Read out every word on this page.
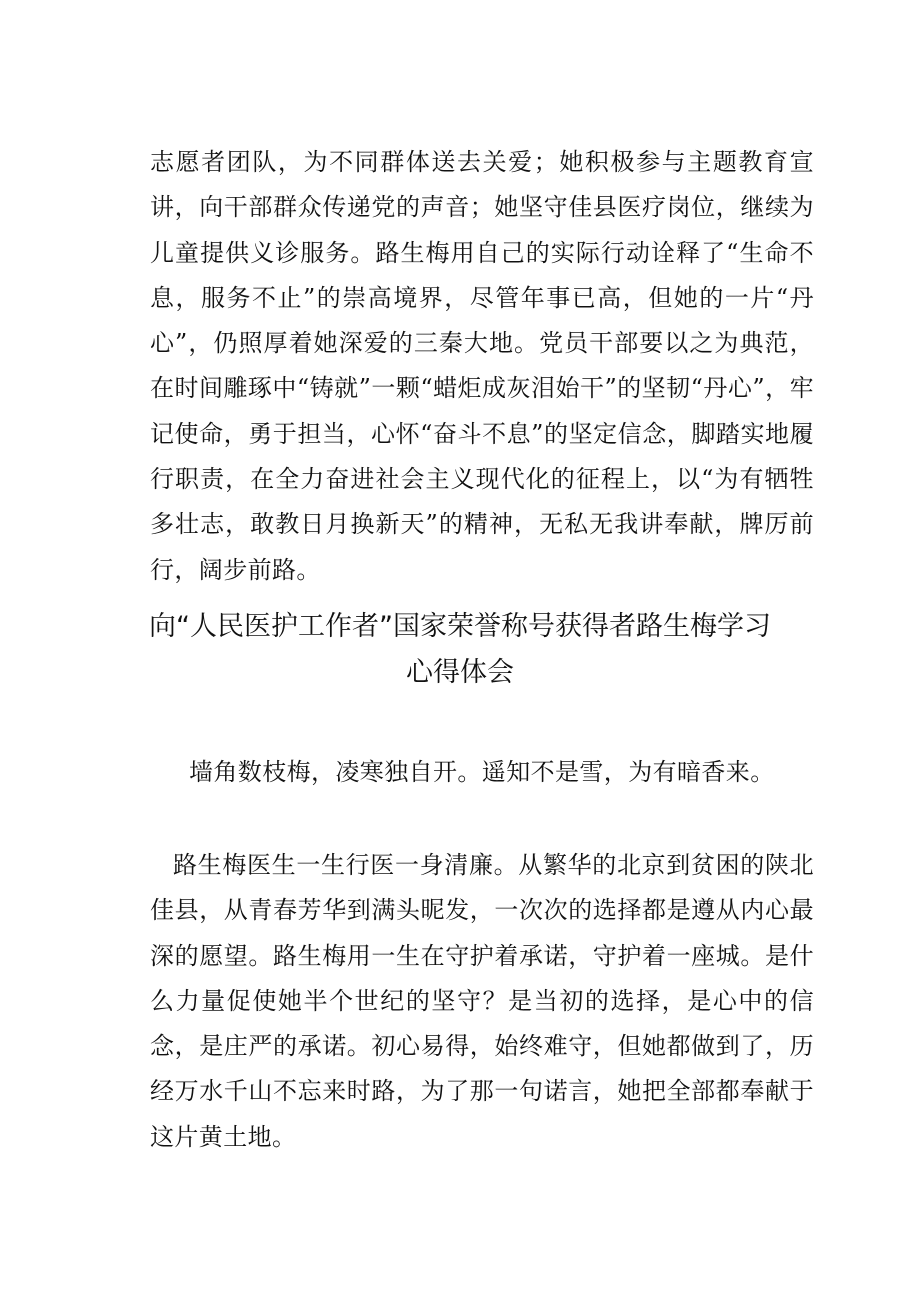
志愿者团队，为不同群体送去关爱；她积极参与主题教育宣讲，向干部群众传递党的声音；她坚守佳县医疗岗位，继续为儿童提供义诊服务。路生梅用自己的实际行动诠释了“生命不息，服务不止”的崇高境界，尽管年事已高，但她的一片“丹心”，仍照厚着她深爱的三秦大地。党员干部要以之为典范，在时间雕琢中“铸就”一颗“蜡炬成灰泪始干”的坚韧“丹心”，牢记使命，勇于担当，心怀“奋斗不息”的坚定信念，脚踏实地履行职责，在全力奋进社会主义现代化的征程上，以“为有牺牲多壮志，敢教日月换新天”的精神，无私无我讲奉献，牌厉前行，阔步前路。

向“人民医护工作者”国家荣誉称号获得者路生梅学习
心得体会

墙角数枝梅，凌寒独自开。遥知不是雪，为有暗香来。

路生梅医生一生行医一身清廉。从繁华的北京到贫困的陕北佳县，从青春芳华到满头昵发，一次次的选择都是遵从内心最深的愿望。路生梅用一生在守护着承诺，守护着一座城。是什么力量促使她半个世纪的坚守？是当初的选择，是心中的信念，是庄严的承诺。初心易得，始终难守，但她都做到了，历经万水千山不忘来时路，为了那一句诺言，她把全部都奉献于这片黄土地。
